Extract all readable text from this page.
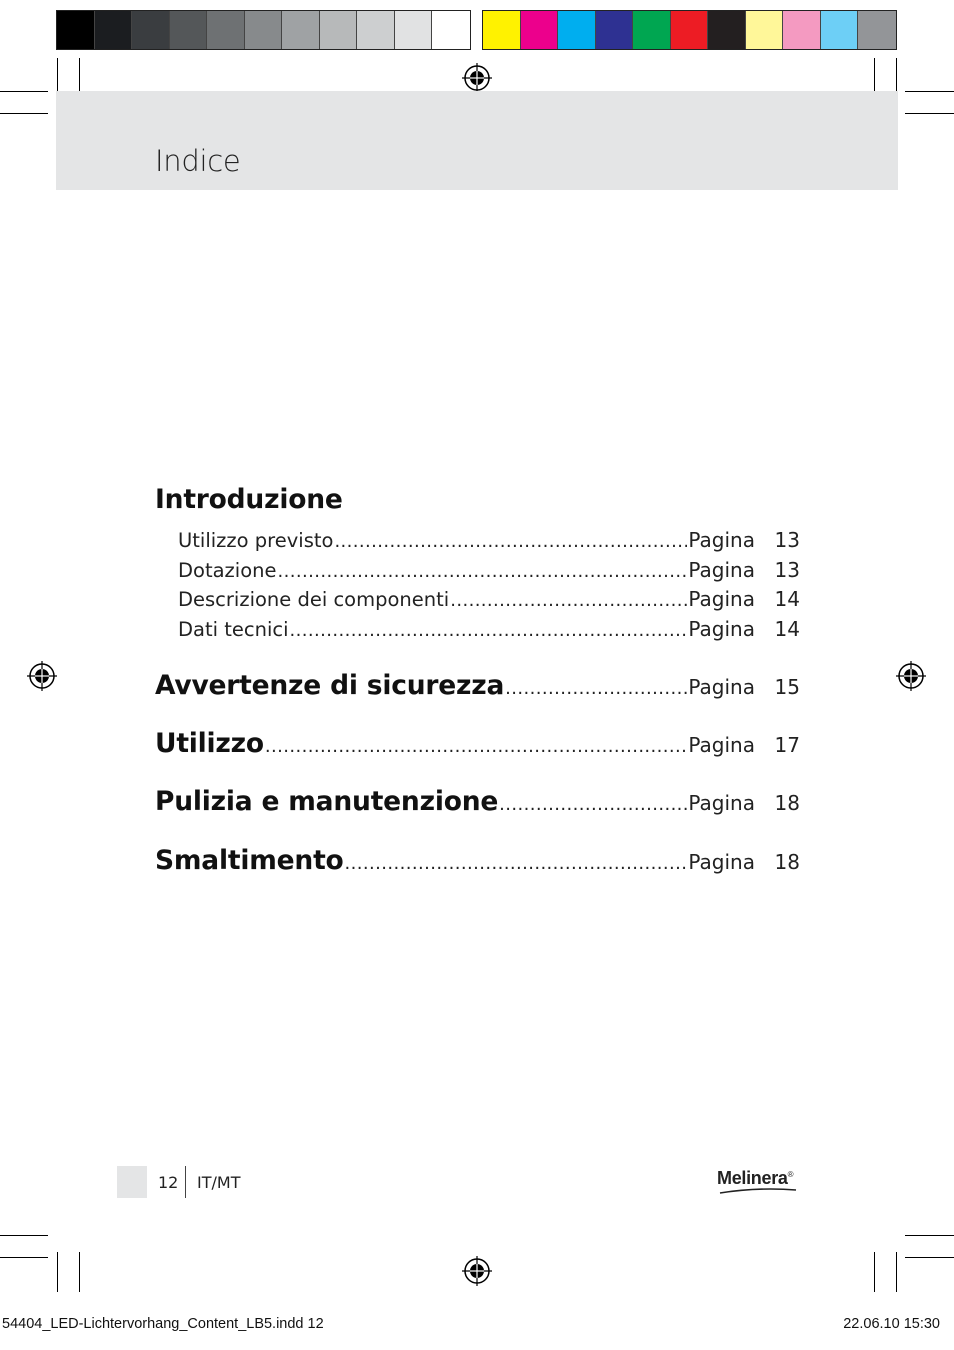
Indice
Introduzione
Utilizzo previsto .....	Pagina 13
Dotazione .....	Pagina 13
Descrizione dei componenti .....	Pagina 14
Dati tecnici .....	Pagina 14
Avvertenze di sicurezza .....	Pagina 15
Utilizzo .....	Pagina 17
Pulizia e manutenzione .....	Pagina 18
Smaltimento .....	Pagina 18
12 IT/MT	Melinera®
54404_LED-Lichtervorhang_Content_LB5.indd 12	22.06.10 15:30
